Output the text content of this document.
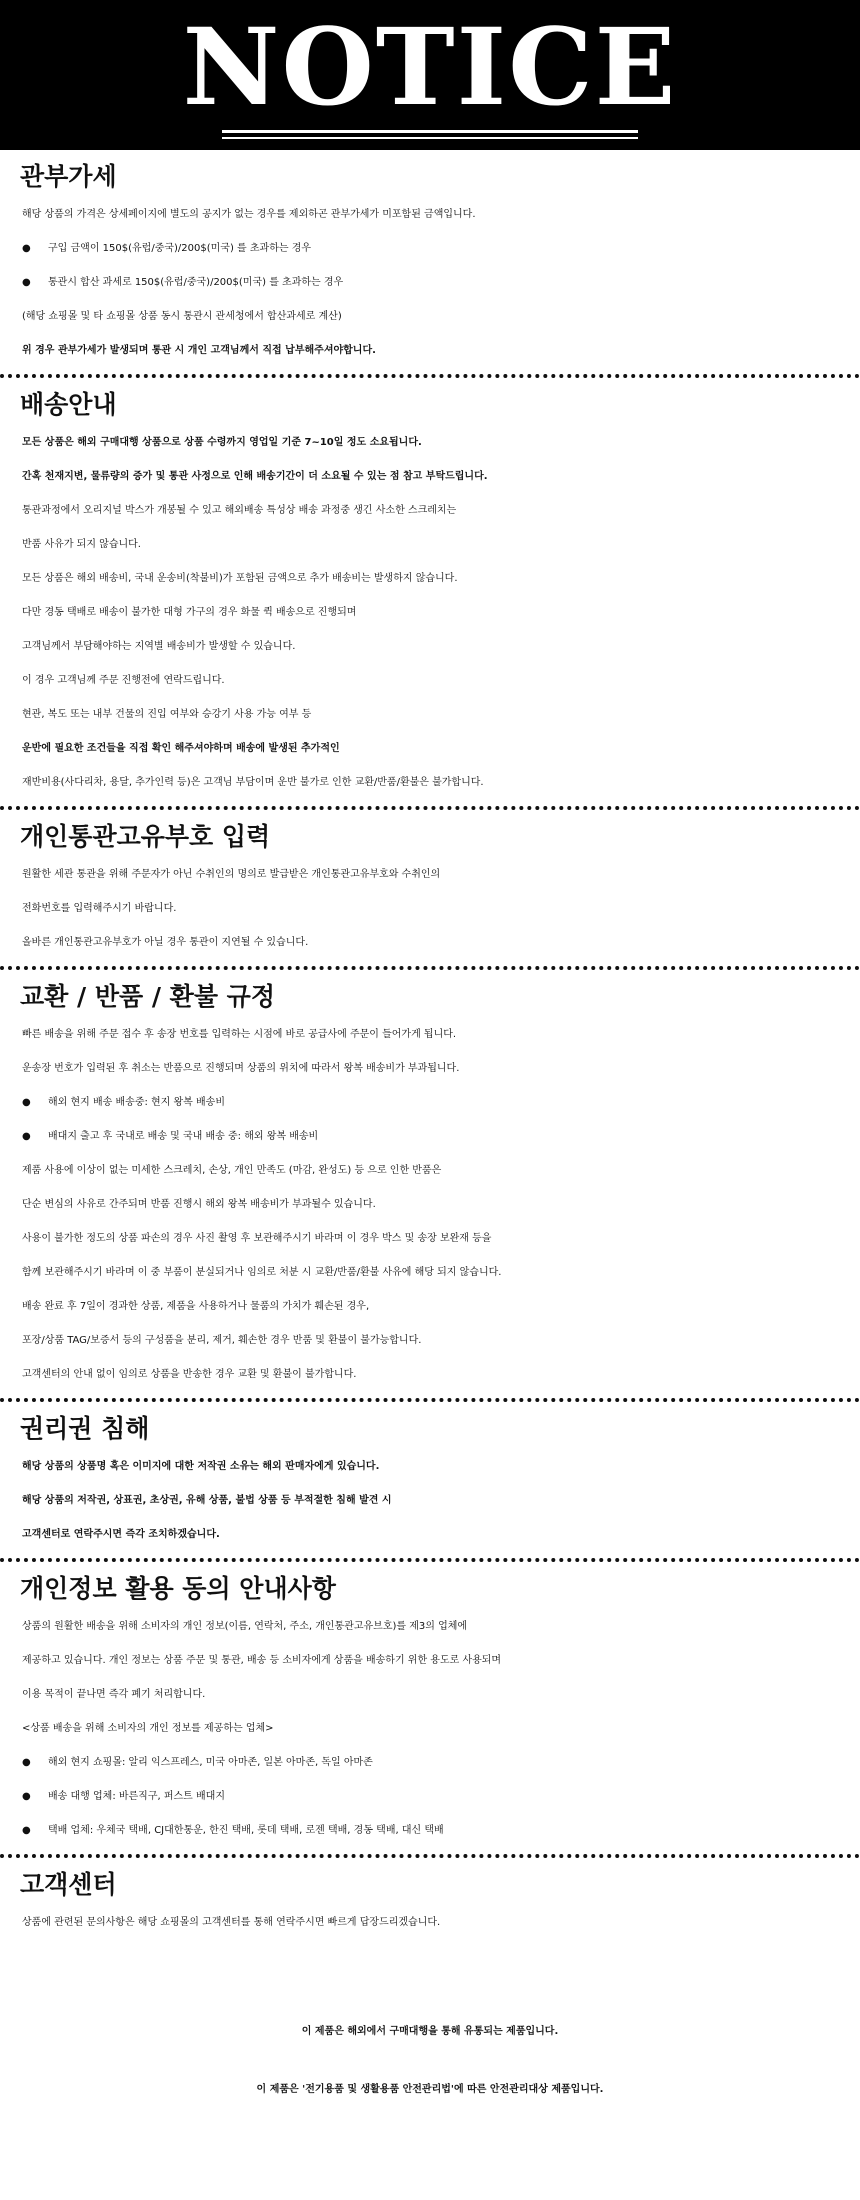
NOTICE
관부가세
해당 상품의 가격은 상세페이지에 별도의 공지가 없는 경우를 제외하곤 관부가세가 미포함된 금액입니다.
● 구입 금액이 150$(유럽/중국)/200$(미국) 를 초과하는 경우
● 통관시 합산 과세로 150$(유럽/중국)/200$(미국) 를 초과하는 경우
(해당 쇼핑몰 및 타 쇼핑몰 상품 동시 통관시 관세청에서 합산과세로 계산)
위 경우 관부가세가 발생되며 통관 시 개인 고객님께서 직접 납부해주셔야합니다.
배송안내
모든 상품은 해외 구매대행 상품으로 상품 수령까지 영업일 기준 7~10일 정도 소요됩니다.
간혹 천재지변, 물류량의 증가 및 통관 사정으로 인해 배송기간이 더 소요될 수 있는 점 참고 부탁드립니다.
통관과정에서 오리지널 박스가 개봉될 수 있고 해외배송 특성상 배송 과정중 생긴 사소한 스크레치는
반품 사유가 되지 않습니다.
모든 상품은 해외 배송비, 국내 운송비(착불비)가 포함된 금액으로 추가 배송비는 발생하지 않습니다.
다만 경동 택배로 배송이 불가한 대형 가구의 경우 화물 퀵 배송으로 진행되며
고객님께서 부담해야하는 지역별 배송비가 발생할 수 있습니다.
이 경우 고객님께 주문 진행전에 연락드립니다.
현관, 복도 또는 내부 건물의 진입 여부와 승강기 사용 가능 여부 등
운반에 필요한 조건들을 직접 확인 해주셔야하며 배송에 발생된 추가적인
재반비용(사다리차, 용달, 추가인력 등)은 고객님 부담이며 운반 불가로 인한 교환/반품/환불은 불가합니다.
개인통관고유부호 입력
원활한 세관 통관을 위해 주문자가 아닌 수취인의 명의로 발급받은 개인통관고유부호와 수취인의
전화번호를 입력해주시기 바랍니다.
올바른 개인통관고유부호가 아닐 경우 통관이 지연될 수 있습니다.
교환 / 반품 / 환불 규정
빠른 배송을 위해 주문 접수 후 송장 번호를 입력하는 시점에 바로 공급사에 주문이 들어가게 됩니다.
운송장 번호가 입력된 후 취소는 반품으로 진행되며 상품의 위치에 따라서 왕복 배송비가 부과됩니다.
● 해외 현지 배송 배송중: 현지 왕복 배송비
● 배대지 출고 후 국내로 배송 및 국내 배송 중: 해외 왕복 배송비
제품 사용에 이상이 없는 미세한 스크레치, 손상, 개인 만족도 (마감, 완성도) 등 으로 인한 반품은
단순 변심의 사유로 간주되며 반품 진행시 해외 왕복 배송비가 부과될수 있습니다.
사용이 불가한 정도의 상품 파손의 경우 사진 촬영 후 보관해주시기 바라며 이 경우 박스 및 송장 보완재 등을
함께 보관해주시기 바라며 이 중 부품이 분실되거나 임의로 처분 시 교환/반품/환불 사유에 해당 되지 않습니다.
배송 완료 후 7일이 경과한 상품, 제품을 사용하거나 물품의 가치가 훼손된 경우,
포장/상품 TAG/보증서 등의 구성품을 분리, 제거, 훼손한 경우 반품 및 환불이 불가능합니다.
고객센터의 안내 없이 임의로 상품을 반송한 경우 교환 및 환불이 불가합니다.
권리권 침해
해당 상품의 상품명 혹은 이미지에 대한 저작권 소유는 해외 판매자에게 있습니다.
해당 상품의 저작권, 상표권, 초상권, 유해 상품, 불법 상품 등 부적절한 침해 발견 시
고객센터로 연락주시면 즉각 조치하겠습니다.
개인정보 활용 동의 안내사항
상품의 원활한 배송을 위해 소비자의 개인 정보(이름, 연락처, 주소, 개인통관고유브호)를 제3의 업체에
제공하고 있습니다. 개인 정보는 상품 주문 및 통관, 배송 등 소비자에게 상품을 배송하기 위한 용도로 사용되며
이용 목적이 끝나면 즉각 폐기 처리합니다.
<상품 배송을 위해 소비자의 개인 정보를 제공하는 업체>
● 해외 현지 쇼핑몰: 알리 익스프레스, 미국 아마존, 일본 아마존, 독일 아마존
● 배송 대행 업체: 바른직구, 퍼스트 배대지
● 택배 업체: 우체국 택배, CJ대한통운, 한진 택배, 롯데 택배, 로젠 택배, 경동 택배, 대신 택배
고객센터
상품에 관련된 문의사항은 해당 쇼핑몰의 고객센터를 통해 연락주시면 빠르게 답장드리겠습니다.
이 제품은 해외에서 구매대행을 통해 유통되는 제품입니다.
이 제품은 '전기용품 및 생활용품 안전관리법'에 따른 안전관리대상 제품입니다.
